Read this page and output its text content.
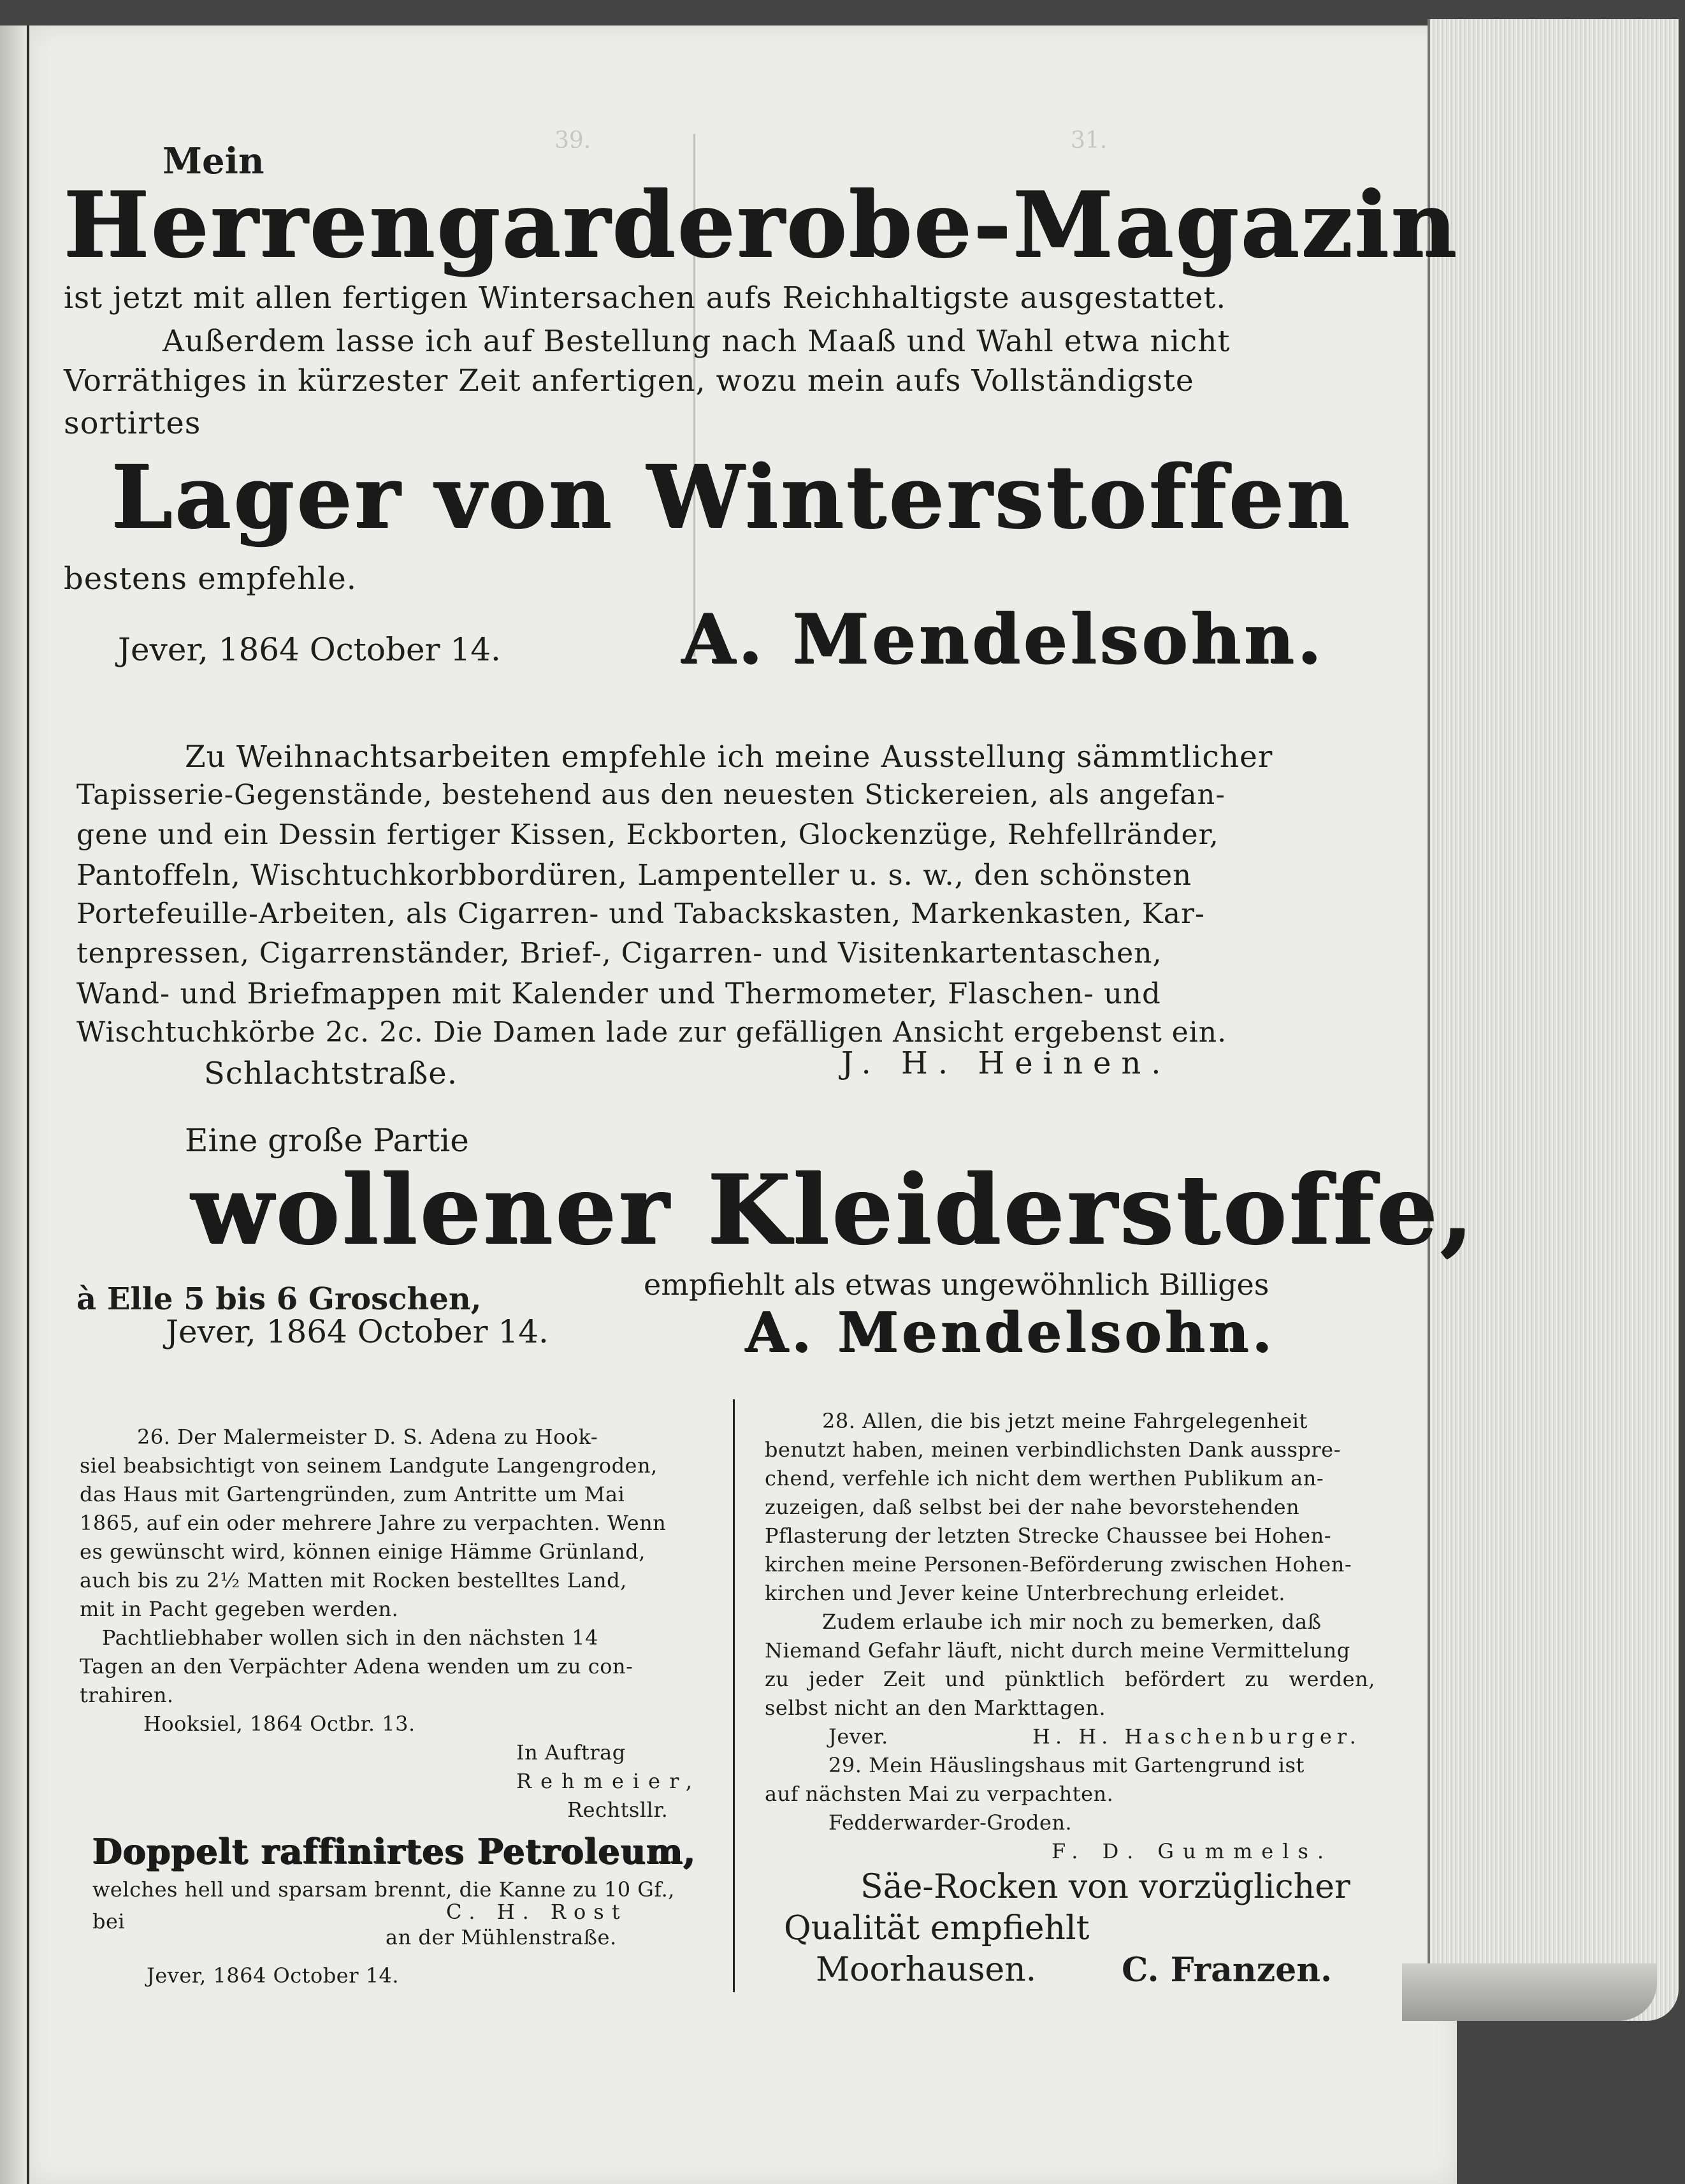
39.	31.
Mein
Herrengarderobe-Magazin
ist jetzt mit allen fertigen Wintersachen aufs Reichhaltigste ausgestattet.
Außerdem lasse ich auf Bestellung nach Maaß und Wahl etwa nicht
Vorräthiges in kürzester Zeit anfertigen, wozu mein aufs Vollständigste
sortirtes
Lager von Winterstoffen
bestens empfehle.
Jever, 1864 October 14.	A. Mendelsohn.
Zu Weihnachtsarbeiten empfehle ich meine Ausstellung sämmtlicher
Tapisserie-Gegenstände, bestehend aus den neuesten Stickereien, als angefan-
gene und ein Dessin fertiger Kissen, Eckborten, Glockenzüge, Rehfellränder,
Pantoffeln, Wischtuchkorbbordüren, Lampenteller u. s. w., den schönsten
Portefeuille-Arbeiten, als Cigarren- und Tabackskasten, Markenkasten, Kar-
tenpressen, Cigarrenständer, Brief-, Cigarren- und Visitenkartentaschen,
Wand- und Briefmappen mit Kalender und Thermometer, Flaschen- und
Wischtuchkörbe 2c. 2c. Die Damen lade zur gefälligen Ansicht ergebenst ein.
Schlachtstraße.	J. H. Heinen.
Eine große Partie
wollener Kleiderstoffe,
à Elle 5 bis 6 Groschen,	empfiehlt als etwas ungewöhnlich Billiges
Jever, 1864 October 14.	A. Mendelsohn.
26. Der Malermeister D. S. Adena zu Hook-
siel beabsichtigt von seinem Landgute Langengroden,
das Haus mit Gartengründen, zum Antritte um Mai
1865, auf ein oder mehrere Jahre zu verpachten. Wenn
es gewünscht wird, können einige Hämme Grünland,
auch bis zu 2½ Matten mit Rocken bestelltes Land,
mit in Pacht gegeben werden.
Pachtliebhaber wollen sich in den nächsten 14
Tagen an den Verpächter Adena wenden um zu con-
trahiren.
Hooksiel, 1864 Octbr. 13.
In Auftrag
Rehmeier,
Rechtsllr.
Doppelt raffinirtes Petroleum,
welches hell und sparsam brennt, die Kanne zu 10 Gf.,
bei	C. H. Rost
an der Mühlenstraße.
Jever, 1864 October 14.
28. Allen, die bis jetzt meine Fahrgelegenheit
benutzt haben, meinen verbindlichsten Dank ausspre-
chend, verfehle ich nicht dem werthen Publikum an-
zuzeigen, daß selbst bei der nahe bevorstehenden
Pflasterung der letzten Strecke Chaussee bei Hohen-
kirchen meine Personen-Beförderung zwischen Hohen-
kirchen und Jever keine Unterbrechung erleidet.
Zudem erlaube ich mir noch zu bemerken, daß
Niemand Gefahr läuft, nicht durch meine Vermittelung
zu jeder Zeit und pünktlich befördert zu werden,
selbst nicht an den Markttagen.
Jever.	H. H. Haschenburger.
29. Mein Häuslingshaus mit Gartengrund ist
auf nächsten Mai zu verpachten.
Fedderwarder-Groden.
F. D. Gummels.
Säe-Rocken von vorzüglicher
Qualität empfiehlt
Moorhausen.	C. Franzen.
